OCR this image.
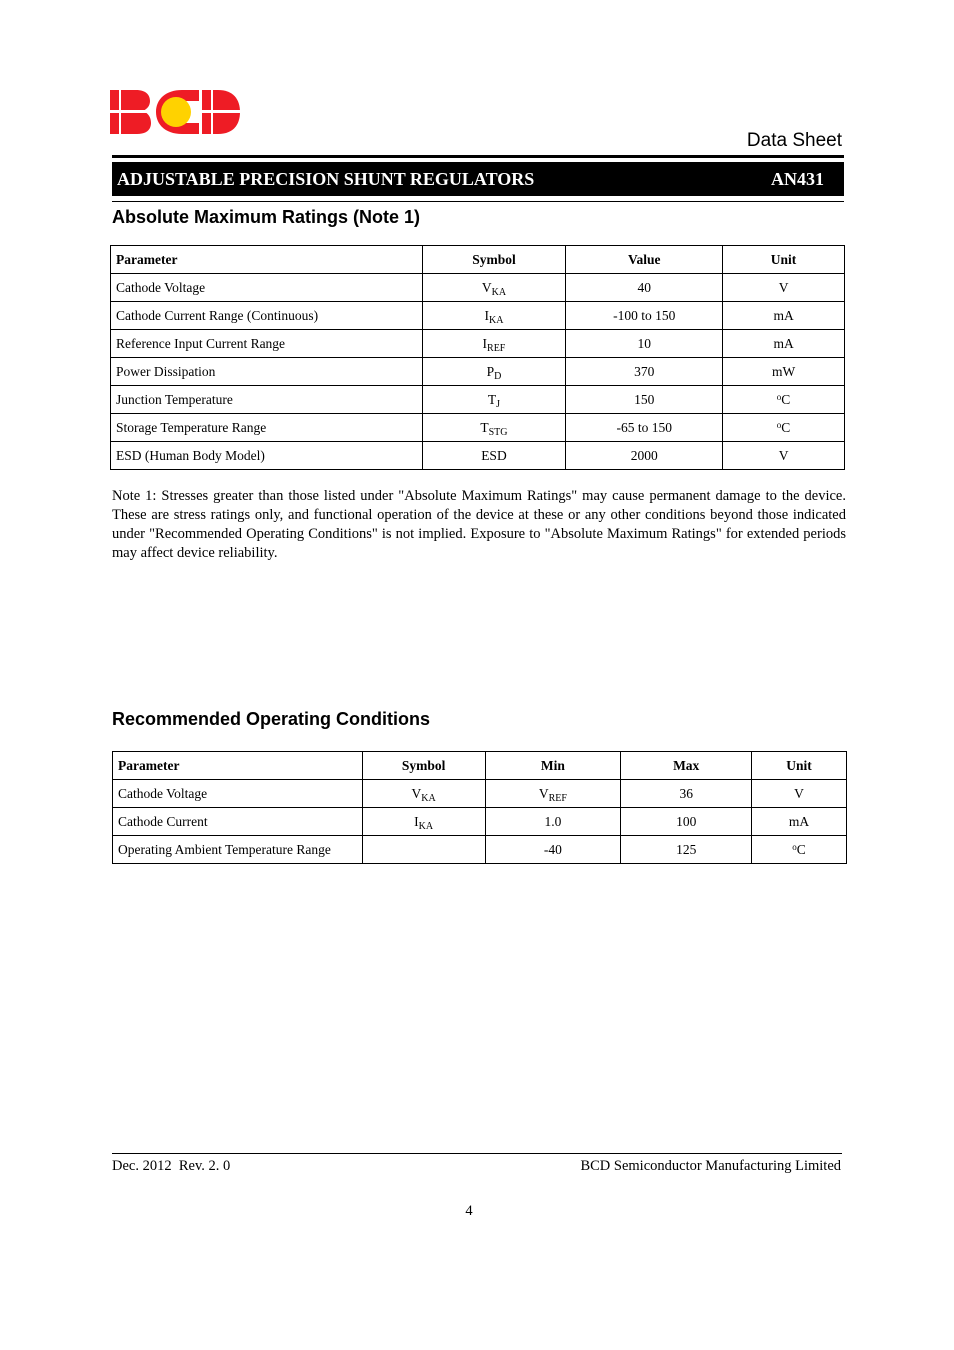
Data Sheet
ADJUSTABLE PRECISION SHUNT REGULATORS	AN431
Absolute Maximum Ratings (Note 1)
Parameter	Symbol	Value	Unit
Cathode Voltage	$V_{KA}$	40	V
Cathode Current Range (Continuous)	$I_{KA}$	-100 to 150	mA
Reference Input Current Range	$I_{REF}$	10	mA
Power Dissipation	$P_D$	370	mW
Junction Temperature	$T_J$	150	$^o$C
Storage Temperature Range	$T_{STG}$	-65 to 150	$^o$C
ESD (Human Body Model)	ESD	2000	V

Note 1: Stresses greater than those listed under "Absolute Maximum Ratings" may cause permanent damage to the device. These are stress ratings only, and functional operation of the device at these or any other conditions beyond those indicated under "Recommended Operating Conditions" is not implied. Exposure to "Absolute Maximum Ratings" for extended periods may affect device reliability.

Recommended Operating Conditions
Parameter	Symbol	Min	Max	Unit
Cathode Voltage	$V_{KA}$	$V_{REF}$	36	V
Cathode Current	$I_{KA}$	1.0	100	mA
Operating Ambient Temperature Range		-40	125	$^o$C
Dec. 2012  Rev. 2. 0	BCD Semiconductor Manufacturing Limited
4
